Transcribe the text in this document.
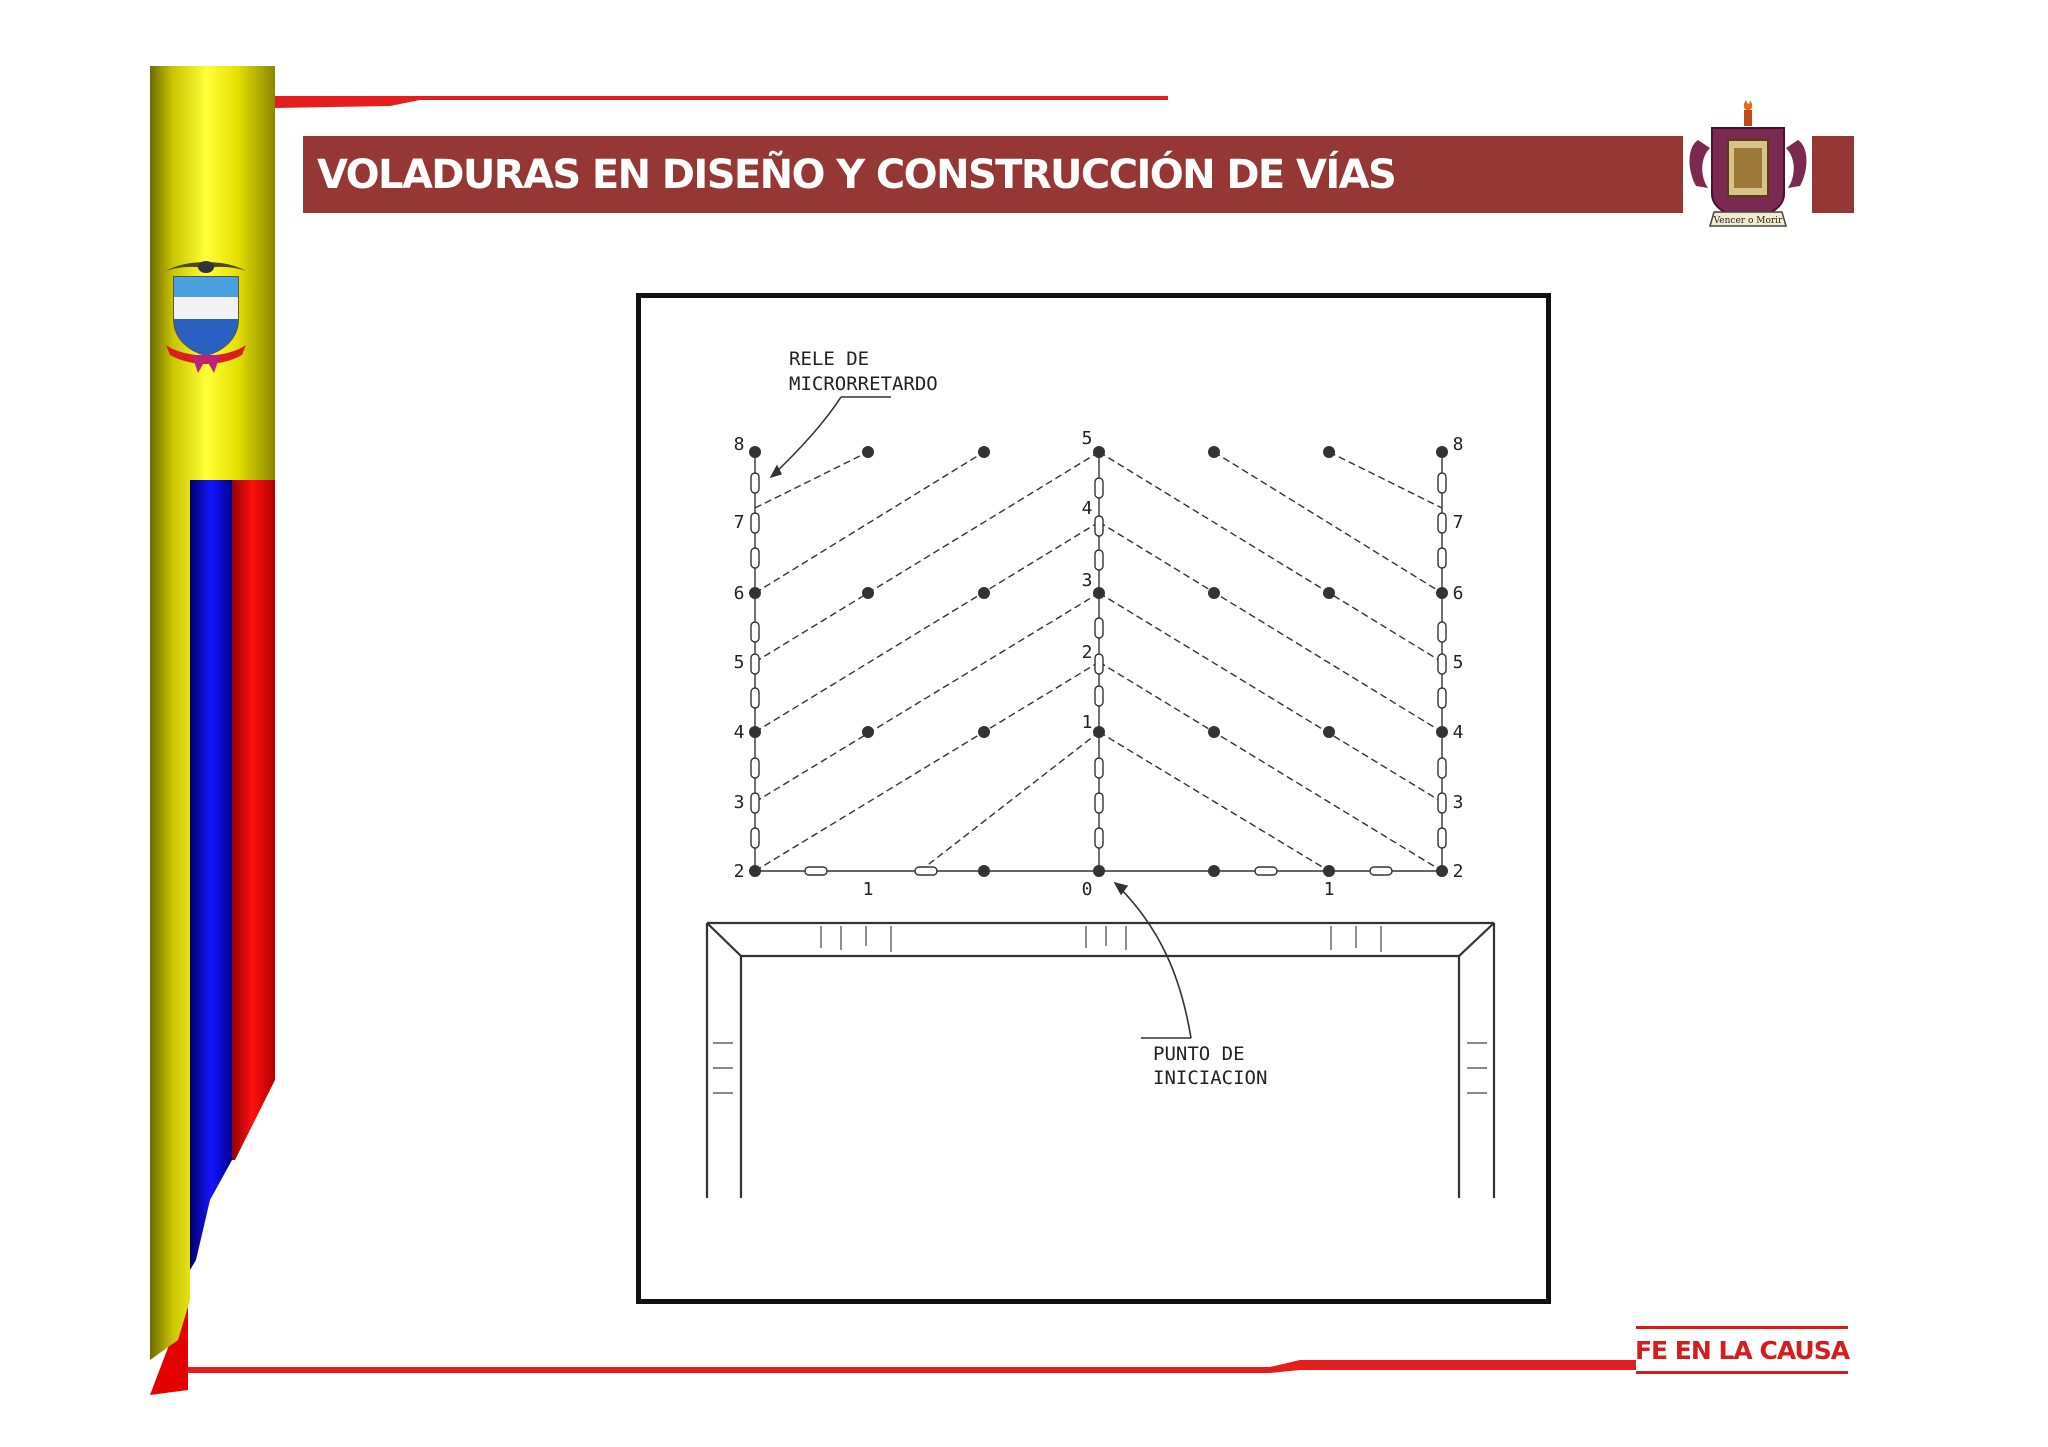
VOLADURAS EN DISEÑO Y CONSTRUCCIÓN DE VÍAS
Vencer o Morir
RELE DE
MICRORRETARDO
PUNTO DE
INICIACION
8
7
6
5
4
3
2
8
7
6
5
4
3
2
5
4
3
2
1
1	0	1
FE EN LA CAUSA
